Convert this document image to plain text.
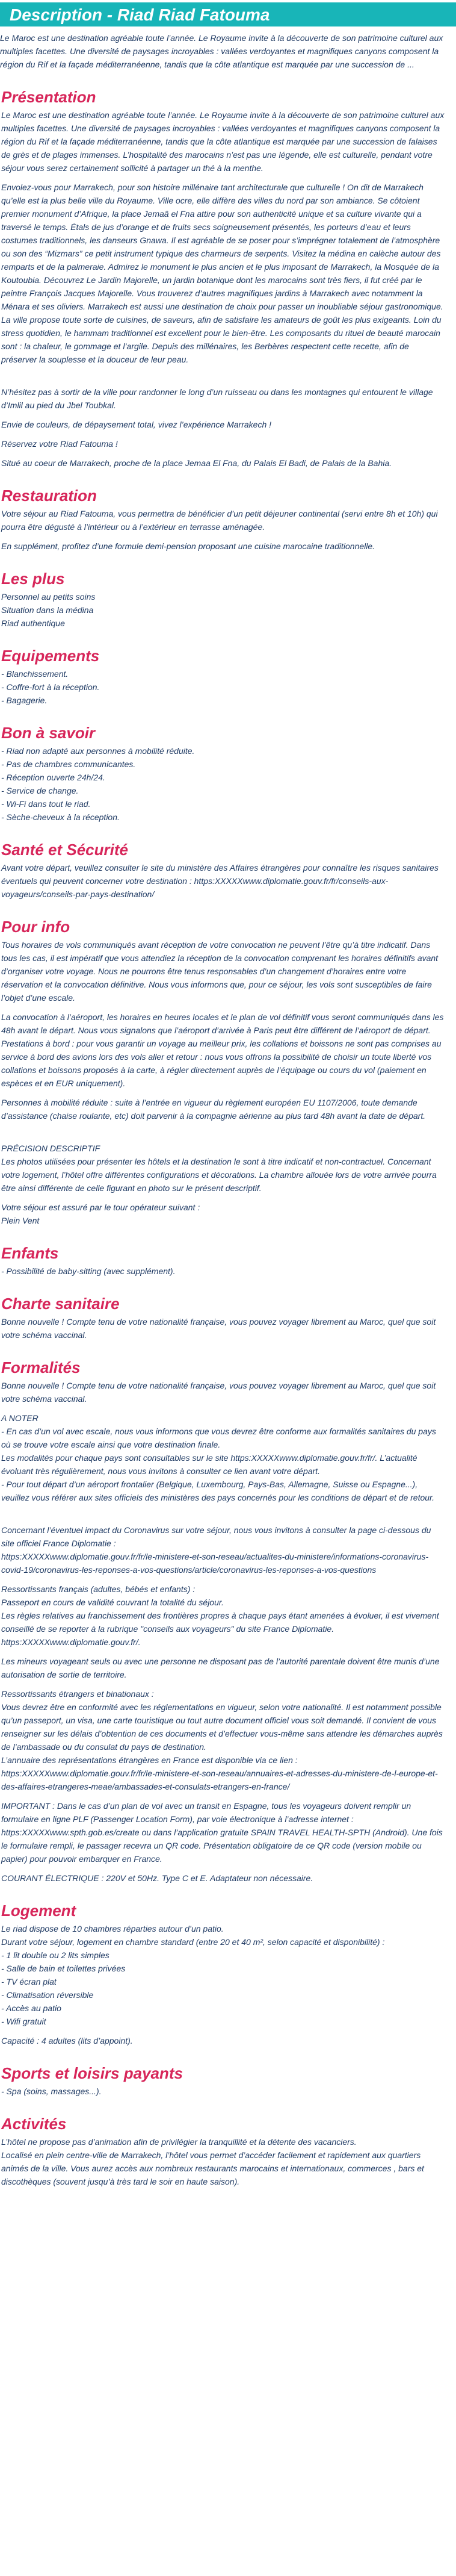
Description - Riad Riad Fatouma
Le Maroc est une destination agréable toute l’année. Le Royaume invite à la découverte de son patrimoine culturel aux multiples facettes. Une diversité de paysages incroyables : vallées verdoyantes et magnifiques canyons composent la région du Rif et la façade méditerranéenne, tandis que la côte atlantique est marquée par une succession de ...
Présentation
Le Maroc est une destination agréable toute l’année. Le Royaume invite à la découverte de son patrimoine culturel aux multiples facettes. Une diversité de paysages incroyables : vallées verdoyantes et magnifiques canyons composent la région du Rif et la façade méditerranéenne, tandis que la côte atlantique est marquée par une succession de falaises de grès et de plages immenses. L’hospitalité des marocains n’est pas une légende, elle est culturelle, pendant votre séjour vous serez certainement sollicité à partager un thé à la menthe.
Envolez-vous pour Marrakech, pour son histoire millénaire tant architecturale que culturelle ! On dit de Marrakech qu’elle est la plus belle ville du Royaume. Ville ocre, elle diffère des villes du nord par son ambiance. Se côtoient premier monument d’Afrique, la place Jemaâ el Fna attire pour son authenticité unique et sa culture vivante qui a traversé le temps. Étals de jus d’orange et de fruits secs soigneusement présentés, les porteurs d’eau et leurs costumes traditionnels, les danseurs Gnawa. Il est agréable de se poser pour s’imprégner totalement de l’atmosphère ou son des “Mizmars” ce petit instrument typique des charmeurs de serpents. Visitez la médina en calèche autour des remparts et de la palmeraie. Admirez le monument le plus ancien et le plus imposant de Marrakech, la Mosquée de la Koutoubia. Découvrez Le Jardin Majorelle, un jardin botanique dont les marocains sont très fiers, il fut créé par le peintre François Jacques Majorelle. Vous trouverez d’autres magnifiques jardins à Marrakech avec notamment la Ménara et ses oliviers. Marrakech est aussi une destination de choix pour passer un inoubliable séjour gastronomique. La ville propose toute sorte de cuisines, de saveurs, afin de satisfaire les amateurs de goût les plus exigeants. Loin du stress quotidien, le hammam traditionnel est excellent pour le bien-être. Les composants du rituel de beauté marocain sont : la chaleur, le gommage et l’argile. Depuis des millénaires, les Berbères respectent cette recette, afin de préserver la souplesse et la douceur de leur peau.
N’hésitez pas à sortir de la ville pour randonner le long d’un ruisseau ou dans les montagnes qui entourent le village d’Imlil au pied du Jbel Toubkal.
Envie de couleurs, de dépaysement total, vivez l’expérience Marrakech !
Réservez votre Riad Fatouma !
Situé au coeur de Marrakech, proche de la place Jemaa El Fna, du Palais El Badi, de Palais de la Bahia.
Restauration
Votre séjour au Riad Fatouma, vous permettra de bénéficier d’un petit déjeuner continental (servi entre 8h et 10h) qui pourra être dégusté à l’intérieur ou à l’extérieur en terrasse aménagée.
En supplément, profitez d’une formule demi-pension proposant une cuisine marocaine traditionnelle.
Les plus
Personnel au petits soins
Situation dans la médina
Riad authentique
Equipements
- Blanchissement.
- Coffre-fort à la réception.
- Bagagerie.
Bon à savoir
- Riad non adapté aux personnes à mobilité réduite.
- Pas de chambres communicantes.
- Réception ouverte 24h/24.
- Service de change.
- Wi-Fi dans tout le riad.
- Sèche-cheveux à la réception.
Santé et Sécurité
Avant votre départ, veuillez consulter le site du ministère des Affaires étrangères pour connaître les risques sanitaires éventuels qui peuvent concerner votre destination : https:XXXXXwww.diplomatie.gouv.fr/fr/conseils-aux-voyageurs/conseils-par-pays-destination/
Pour info
Tous horaires de vols communiqués avant réception de votre convocation ne peuvent l’être qu’à titre indicatif. Dans tous les cas, il est impératif que vous attendiez la réception de la convocation comprenant les horaires définitifs avant d’organiser votre voyage. Nous ne pourrons être tenus responsables d’un changement d’horaires entre votre réservation et la convocation définitive. Nous vous informons que, pour ce séjour, les vols sont susceptibles de faire l’objet d’une escale.
La convocation à l’aéroport, les horaires en heures locales et le plan de vol définitif vous seront communiqués dans les 48h avant le départ. Nous vous signalons que l’aéroport d’arrivée à Paris peut être différent de l’aéroport de départ. Prestations à bord : pour vous garantir un voyage au meilleur prix, les collations et boissons ne sont pas comprises au service à bord des avions lors des vols aller et retour : nous vous offrons la possibilité de choisir un toute liberté vos collations et boissons proposés à la carte, à régler directement auprès de l’équipage ou cours du vol (paiement en espèces et en EUR uniquement).
Personnes à mobilité réduite : suite à l’entrée en vigueur du règlement européen EU 1107/2006, toute demande d’assistance (chaise roulante, etc) doit parvenir à la compagnie aérienne au plus tard 48h avant la date de départ.
PRÉCISION DESCRIPTIF
Les photos utilisées pour présenter les hôtels et la destination le sont à titre indicatif et non-contractuel. Concernant votre logement, l’hôtel offre différentes configurations et décorations. La chambre allouée lors de votre arrivée pourra être ainsi différente de celle figurant en photo sur le présent descriptif.
Votre séjour est assuré par le tour opérateur suivant :
Plein Vent
Enfants
- Possibilité de baby-sitting (avec supplément).
Charte sanitaire
Bonne nouvelle ! Compte tenu de votre nationalité française, vous pouvez voyager librement au Maroc, quel que soit votre schéma vaccinal.
Formalités
Bonne nouvelle ! Compte tenu de votre nationalité française, vous pouvez voyager librement au Maroc, quel que soit votre schéma vaccinal.
A NOTER
- En cas d’un vol avec escale, nous vous informons que vous devrez être conforme aux formalités sanitaires du pays où se trouve votre escale ainsi que votre destination finale.
Les modalités pour chaque pays sont consultables sur le site https:XXXXXwww.diplomatie.gouv.fr/fr/. L’actualité évoluant très régulièrement, nous vous invitons à consulter ce lien avant votre départ.
- Pour tout départ d’un aéroport frontalier (Belgique, Luxembourg, Pays-Bas, Allemagne, Suisse ou Espagne...), veuillez vous référer aux sites officiels des ministères des pays concernés pour les conditions de départ et de retour.
Concernant l’éventuel impact du Coronavirus sur votre séjour, nous vous invitons à consulter la page ci-dessous du site officiel France Diplomatie :
https:XXXXXwww.diplomatie.gouv.fr/fr/le-ministere-et-son-reseau/actualites-du-ministere/informations-coronavirus-covid-19/coronavirus-les-reponses-a-vos-questions/article/coronavirus-les-reponses-a-vos-questions
Ressortissants français (adultes, bébés et enfants) :
Passeport en cours de validité couvrant la totalité du séjour.
Les règles relatives au franchissement des frontières propres à chaque pays étant amenées à évoluer, il est vivement conseillé de se reporter à la rubrique "conseils aux voyageurs" du site France Diplomatie. https:XXXXXwww.diplomatie.gouv.fr/.
Les mineurs voyageant seuls ou avec une personne ne disposant pas de l’autorité parentale doivent être munis d’une autorisation de sortie de territoire.
Ressortissants étrangers et binationaux :
Vous devrez être en conformité avec les réglementations en vigueur, selon votre nationalité. Il est notamment possible qu’un passeport, un visa, une carte touristique ou tout autre document officiel vous soit demandé. Il convient de vous renseigner sur les délais d’obtention de ces documents et d’effectuer vous-même sans attendre les démarches auprès de l’ambassade ou du consulat du pays de destination.
L’annuaire des représentations étrangères en France est disponible via ce lien :
https:XXXXXwww.diplomatie.gouv.fr/fr/le-ministere-et-son-reseau/annuaires-et-adresses-du-ministere-de-l-europe-et-des-affaires-etrangeres-meae/ambassades-et-consulats-etrangers-en-france/
IMPORTANT : Dans le cas d’un plan de vol avec un transit en Espagne, tous les voyageurs doivent remplir un formulaire en ligne PLF (Passenger Location Form), par voie électronique à l’adresse internet : https:XXXXXwww.spth.gob.es/create ou dans l’application gratuite SPAIN TRAVEL HEALTH-SPTH (Android). Une fois le formulaire rempli, le passager recevra un QR code. Présentation obligatoire de ce QR code (version mobile ou papier) pour pouvoir embarquer en France.
COURANT ÉLECTRIQUE : 220V et 50Hz. Type C et E. Adaptateur non nécessaire.
Logement
Le riad dispose de 10 chambres réparties autour d’un patio.
Durant votre séjour, logement en chambre standard (entre 20 et 40 m², selon capacité et disponibilité) :
- 1 lit double ou 2 lits simples
- Salle de bain et toilettes privées
- TV écran plat
- Climatisation réversible
- Accès au patio
- Wifi gratuit
Capacité : 4 adultes (lits d’appoint).
Sports et loisirs payants
- Spa (soins, massages...).
Activités
L’hôtel ne propose pas d’animation afin de privilégier la tranquillité et la détente des vacanciers.
Localisé en plein centre-ville de Marrakech, l’hôtel vous permet d’accéder facilement et rapidement aux quartiers animés de la ville. Vous aurez accès aux nombreux restaurants marocains et internationaux, commerces , bars et discothèques (souvent jusqu’à très tard le soir en haute saison).
